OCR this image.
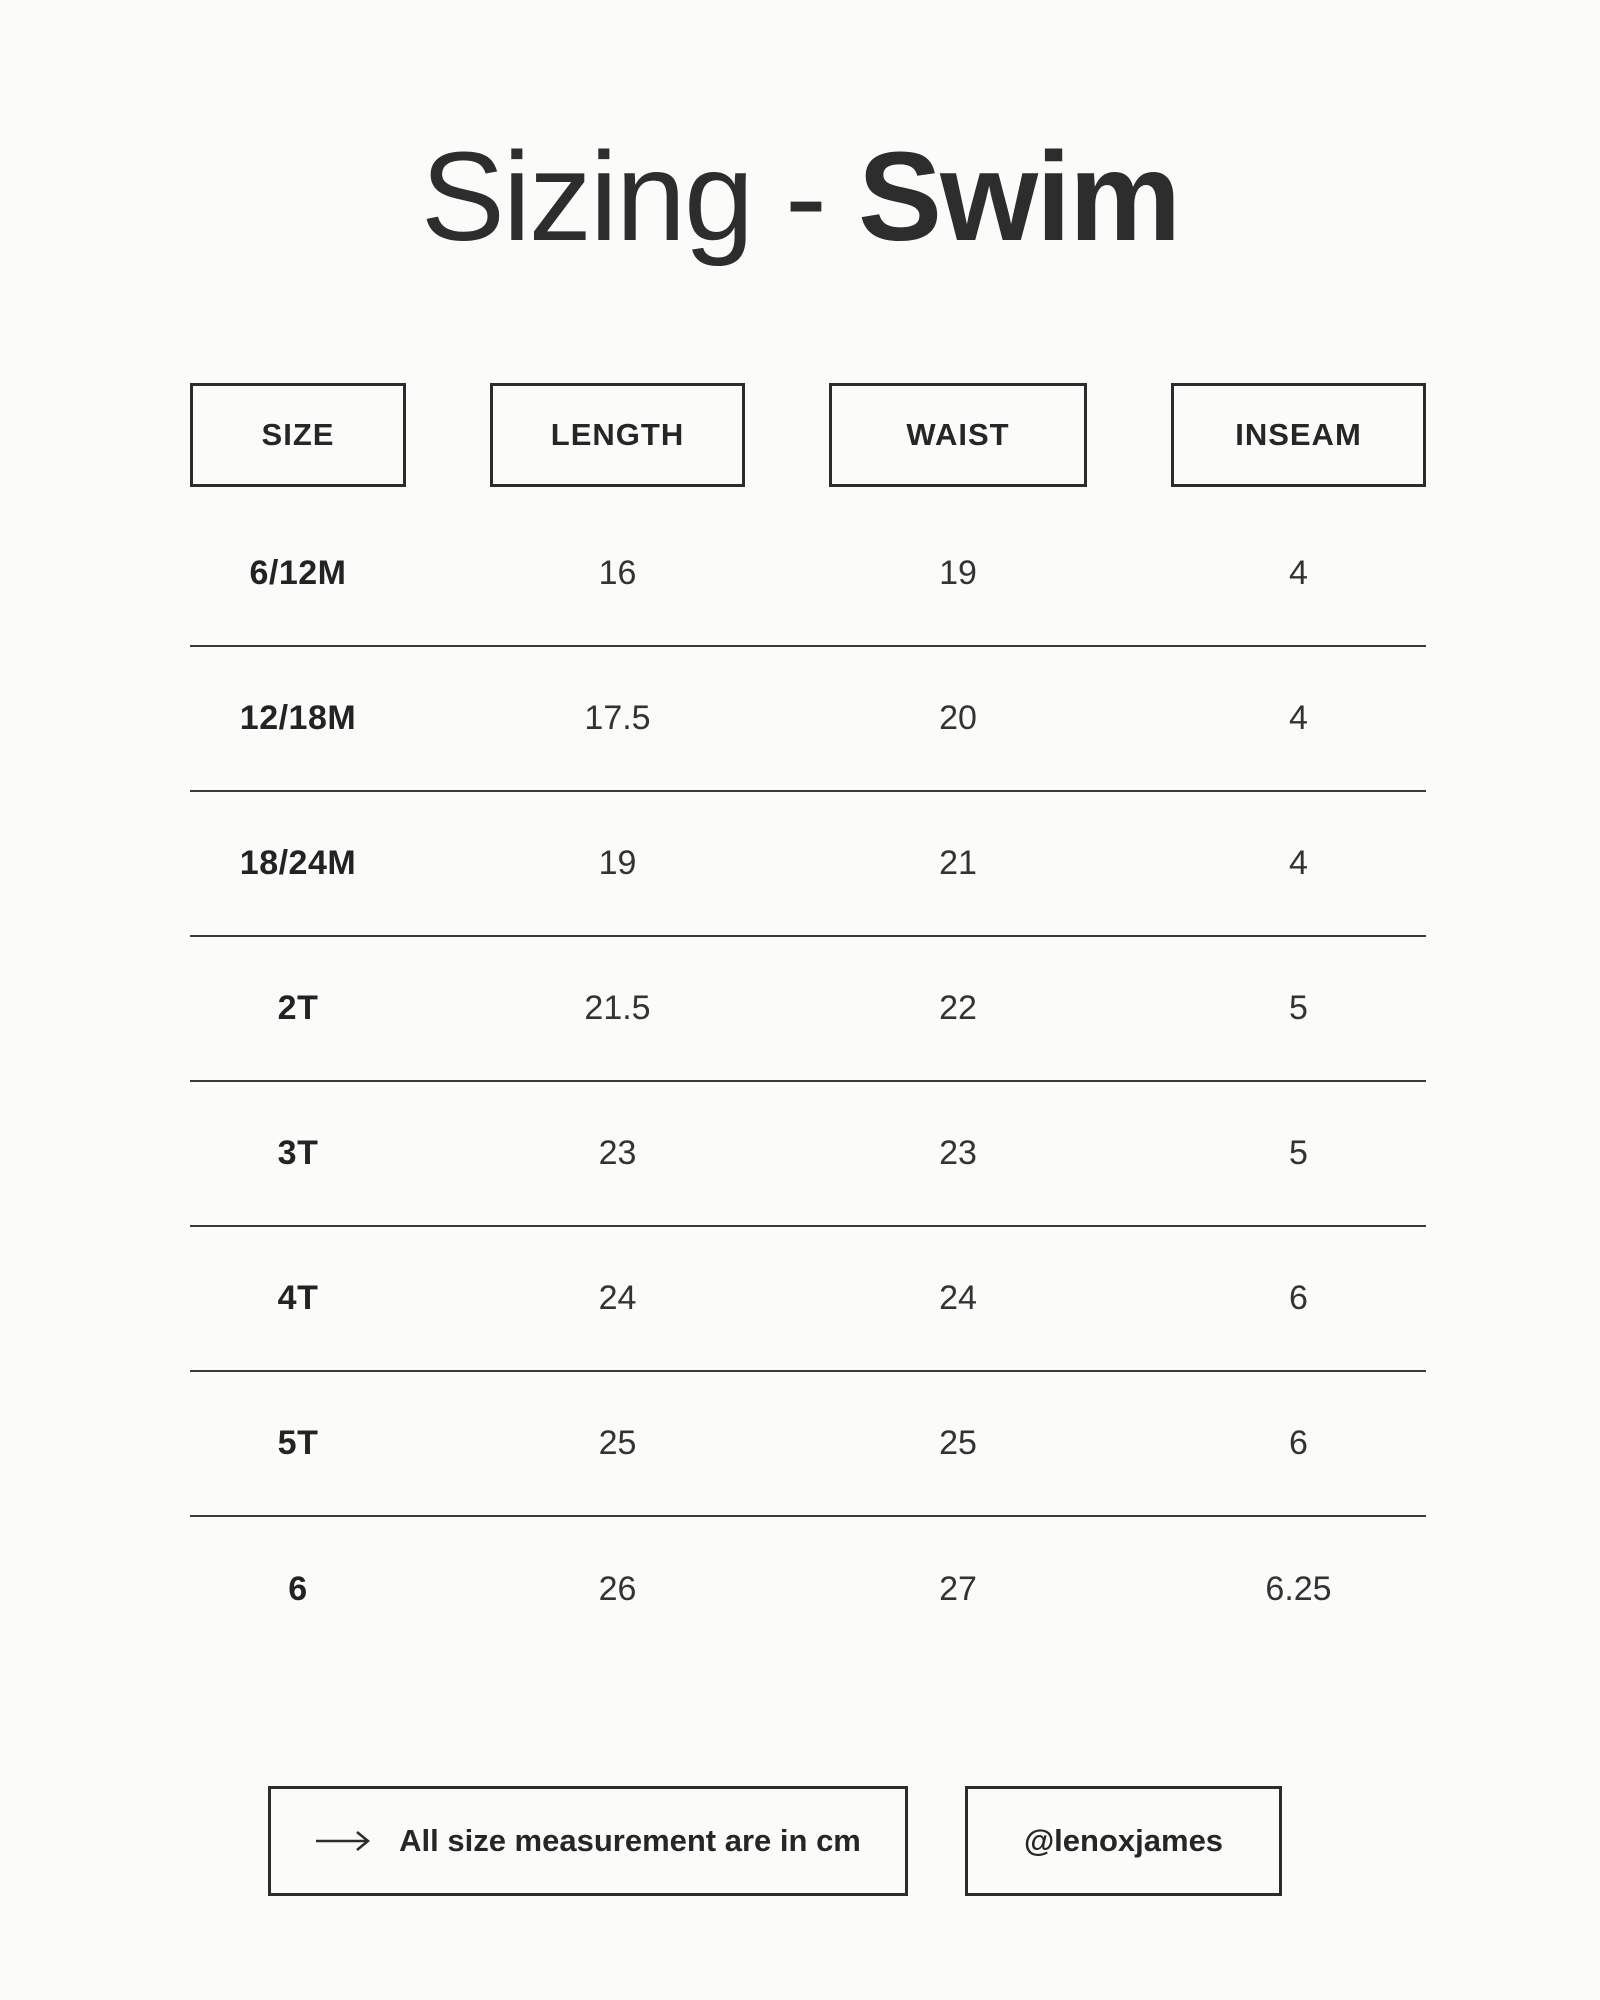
Sizing - Swim
SIZE	LENGTH	WAIST	INSEAM
6/12M	16	19	4
12/18M	17.5	20	4
18/24M	19	21	4
2T	21.5	22	5
3T	23	23	5
4T	24	24	6
5T	25	25	6
6	26	27	6.25
All size measurement are in cm	@lenoxjames
